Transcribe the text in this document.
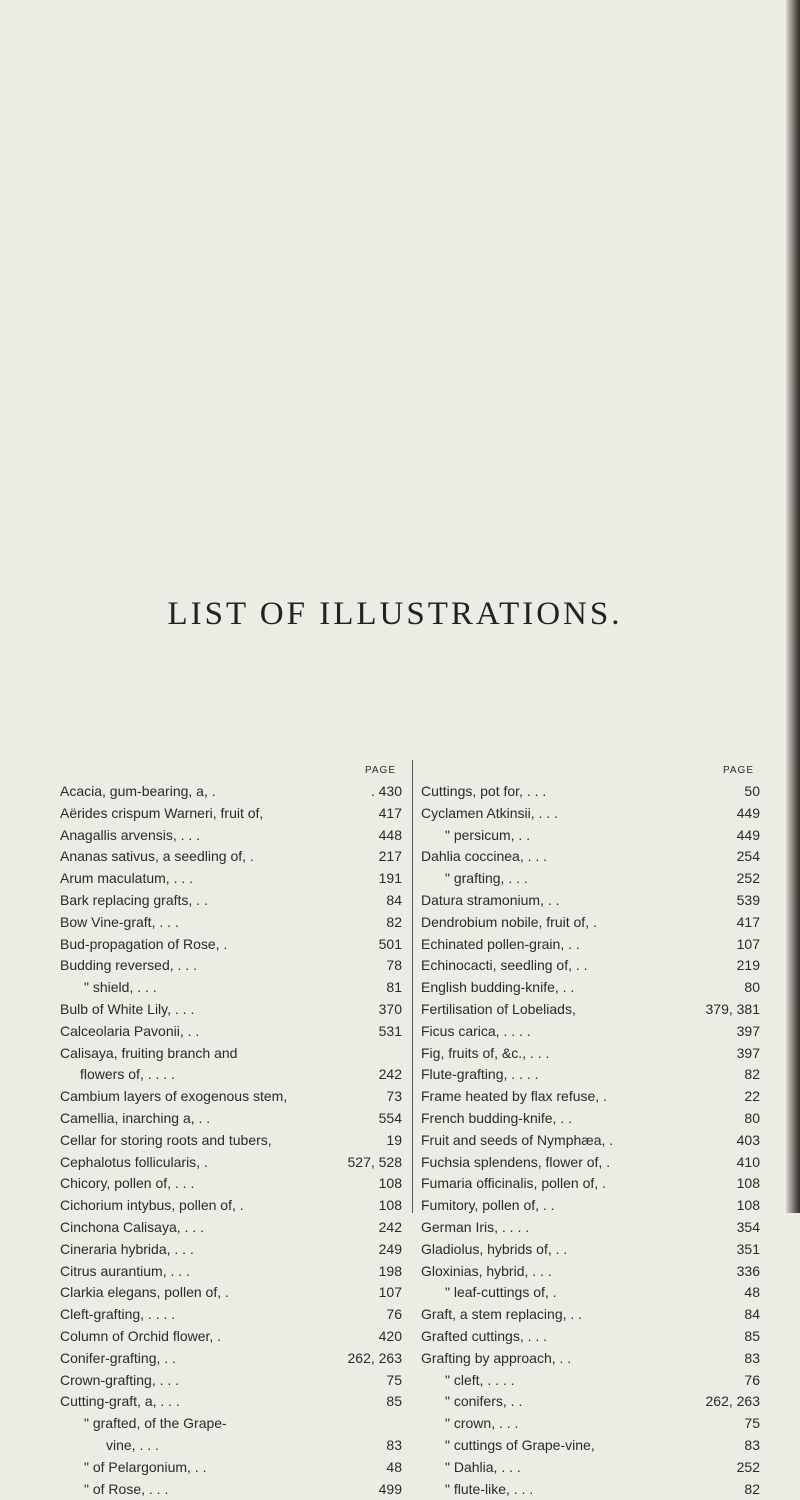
LIST OF ILLUSTRATIONS.
PAGE
Acacia, gum-bearing, a, .	. 430
Aërides crispum Warneri, fruit of,	417
Anagallis arvensis, . . .	448
Ananas sativus, a seedling of, .	217
Arum maculatum, . . .	191
Bark replacing grafts, . .	84
Bow Vine-graft, . . .	82
Bud-propagation of Rose, .	501
Budding reversed, . . .	78
" shield, . . .	81
Bulb of White Lily, . . .	370
Calceolaria Pavonii, . .	531
Calisaya, fruiting branch and
flowers of, . . . .	242
Cambium layers of exogenous stem,	73
Camellia, inarching a, . .	554
Cellar for storing roots and tubers,	19
Cephalotus follicularis, .	527, 528
Chicory, pollen of, . . .	108
Cichorium intybus, pollen of, .	108
Cinchona Calisaya, . . .	242
Cineraria hybrida, . . .	249
Citrus aurantium, . . .	198
Clarkia elegans, pollen of, .	107
Cleft-grafting, . . . .	76
Column of Orchid flower, .	420
Conifer-grafting, . .	262, 263
Crown-grafting, . . .	75
Cutting-graft, a, . . .	85
" grafted, of the Grape-
vine, . . .	83
" of Pelargonium, . .	48
" of Rose, . . .	499
PAGE
Cuttings, pot for, . . .	50
Cyclamen Atkinsii, . . .	449
" persicum, . .	449
Dahlia coccinea, . . .	254
" grafting, . . .	252
Datura stramonium, . .	539
Dendrobium nobile, fruit of, .	417
Echinated pollen-grain, . .	107
Echinocacti, seedling of, . .	219
English budding-knife, . .	80
Fertilisation of Lobeliads,	379, 381
Ficus carica, . . . .	397
Fig, fruits of, &c., . . .	397
Flute-grafting, . . . .	82
Frame heated by flax refuse, .	22
French budding-knife, . .	80
Fruit and seeds of Nymphæa, .	403
Fuchsia splendens, flower of, .	410
Fumaria officinalis, pollen of, .	108
Fumitory, pollen of, . .	108
German Iris, . . . .	354
Gladiolus, hybrids of, . .	351
Gloxinias, hybrid, . . .	336
" leaf-cuttings of, .	48
Graft, a stem replacing, . .	84
Grafted cuttings, . . .	85
Grafting by approach, . .	83
" cleft, . . . .	76
" conifers, . .	262, 263
" crown, . . .	75
" cuttings of Grape-vine,	83
" Dahlia, . . .	252
" flute-like, . . .	82
